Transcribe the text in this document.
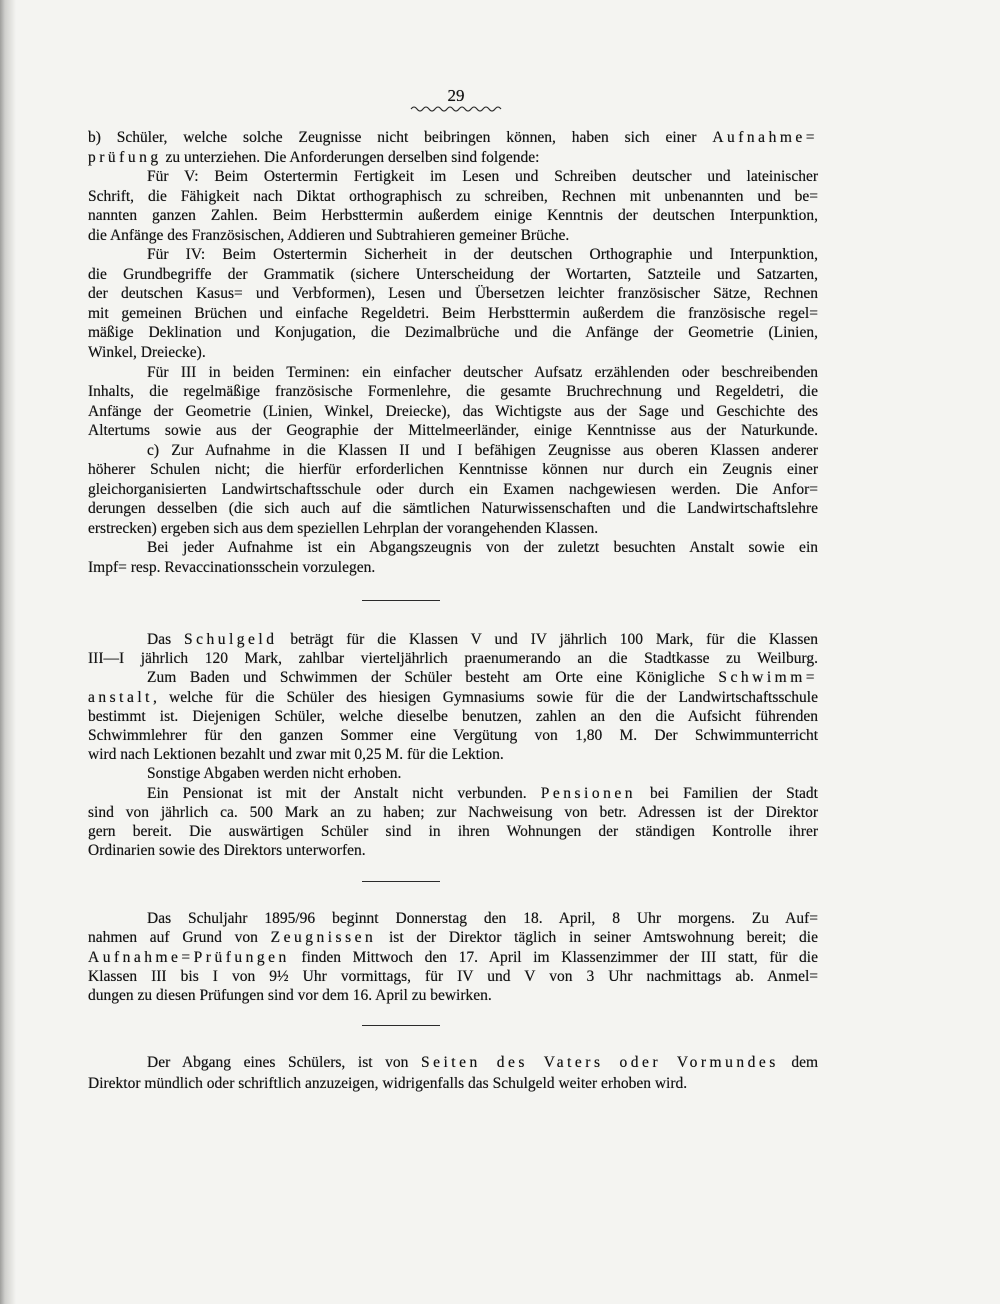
29
b) Schüler, welche solche Zeugnisse nicht beibringen können, haben sich einer Aufnahme=
prüfung zu unterziehen. Die Anforderungen derselben sind folgende:
Für V: Beim Ostertermin Fertigkeit im Lesen und Schreiben deutscher und lateinischer
Schrift, die Fähigkeit nach Diktat orthographisch zu schreiben, Rechnen mit unbenannten und be=
nannten ganzen Zahlen. Beim Herbsttermin außerdem einige Kenntnis der deutschen Interpunktion,
die Anfänge des Französischen, Addieren und Subtrahieren gemeiner Brüche.
Für IV: Beim Ostertermin Sicherheit in der deutschen Orthographie und Interpunktion,
die Grundbegriffe der Grammatik (sichere Unterscheidung der Wortarten, Satzteile und Satzarten,
der deutschen Kasus= und Verbformen), Lesen und Übersetzen leichter französischer Sätze, Rechnen
mit gemeinen Brüchen und einfache Regeldetri. Beim Herbsttermin außerdem die französische regel=
mäßige Deklination und Konjugation, die Dezimalbrüche und die Anfänge der Geometrie (Linien,
Winkel, Dreiecke).
Für III in beiden Terminen: ein einfacher deutscher Aufsatz erzählenden oder beschreibenden
Inhalts, die regelmäßige französische Formenlehre, die gesamte Bruchrechnung und Regeldetri, die
Anfänge der Geometrie (Linien, Winkel, Dreiecke), das Wichtigste aus der Sage und Geschichte des
Altertums sowie aus der Geographie der Mittelmeerländer, einige Kenntnisse aus der Naturkunde.
c) Zur Aufnahme in die Klassen II und I befähigen Zeugnisse aus oberen Klassen anderer
höherer Schulen nicht; die hierfür erforderlichen Kenntnisse können nur durch ein Zeugnis einer
gleichorganisierten Landwirtschaftsschule oder durch ein Examen nachgewiesen werden. Die Anfor=
derungen desselben (die sich auch auf die sämtlichen Naturwissenschaften und die Landwirtschaftslehre
erstrecken) ergeben sich aus dem speziellen Lehrplan der vorangehenden Klassen.
Bei jeder Aufnahme ist ein Abgangszeugnis von der zuletzt besuchten Anstalt sowie ein
Impf= resp. Revaccinationsschein vorzulegen.
Das Schulgeld beträgt für die Klassen V und IV jährlich 100 Mark, für die Klassen
III—I jährlich 120 Mark, zahlbar vierteljährlich praenumerando an die Stadtkasse zu Weilburg.
Zum Baden und Schwimmen der Schüler besteht am Orte eine Königliche Schwimm=
anstalt, welche für die Schüler des hiesigen Gymnasiums sowie für die der Landwirtschaftsschule
bestimmt ist. Diejenigen Schüler, welche dieselbe benutzen, zahlen an den die Aufsicht führenden
Schwimmlehrer für den ganzen Sommer eine Vergütung von 1,80 M. Der Schwimmunterricht
wird nach Lektionen bezahlt und zwar mit 0,25 M. für die Lektion.
Sonstige Abgaben werden nicht erhoben.
Ein Pensionat ist mit der Anstalt nicht verbunden. Pensionen bei Familien der Stadt
sind von jährlich ca. 500 Mark an zu haben; zur Nachweisung von betr. Adressen ist der Direktor
gern bereit. Die auswärtigen Schüler sind in ihren Wohnungen der ständigen Kontrolle ihrer
Ordinarien sowie des Direktors unterworfen.
Das Schuljahr 1895/96 beginnt Donnerstag den 18. April, 8 Uhr morgens. Zu Auf=
nahmen auf Grund von Zeugnissen ist der Direktor täglich in seiner Amtswohnung bereit; die
Aufnahme=Prüfungen finden Mittwoch den 17. April im Klassenzimmer der III statt, für die
Klassen III bis I von 9½ Uhr vormittags, für IV und V von 3 Uhr nachmittags ab. Anmel=
dungen zu diesen Prüfungen sind vor dem 16. April zu bewirken.
Der Abgang eines Schülers, ist von Seiten des Vaters oder Vormundes dem
Direktor mündlich oder schriftlich anzuzeigen, widrigenfalls das Schulgeld weiter erhoben wird.
